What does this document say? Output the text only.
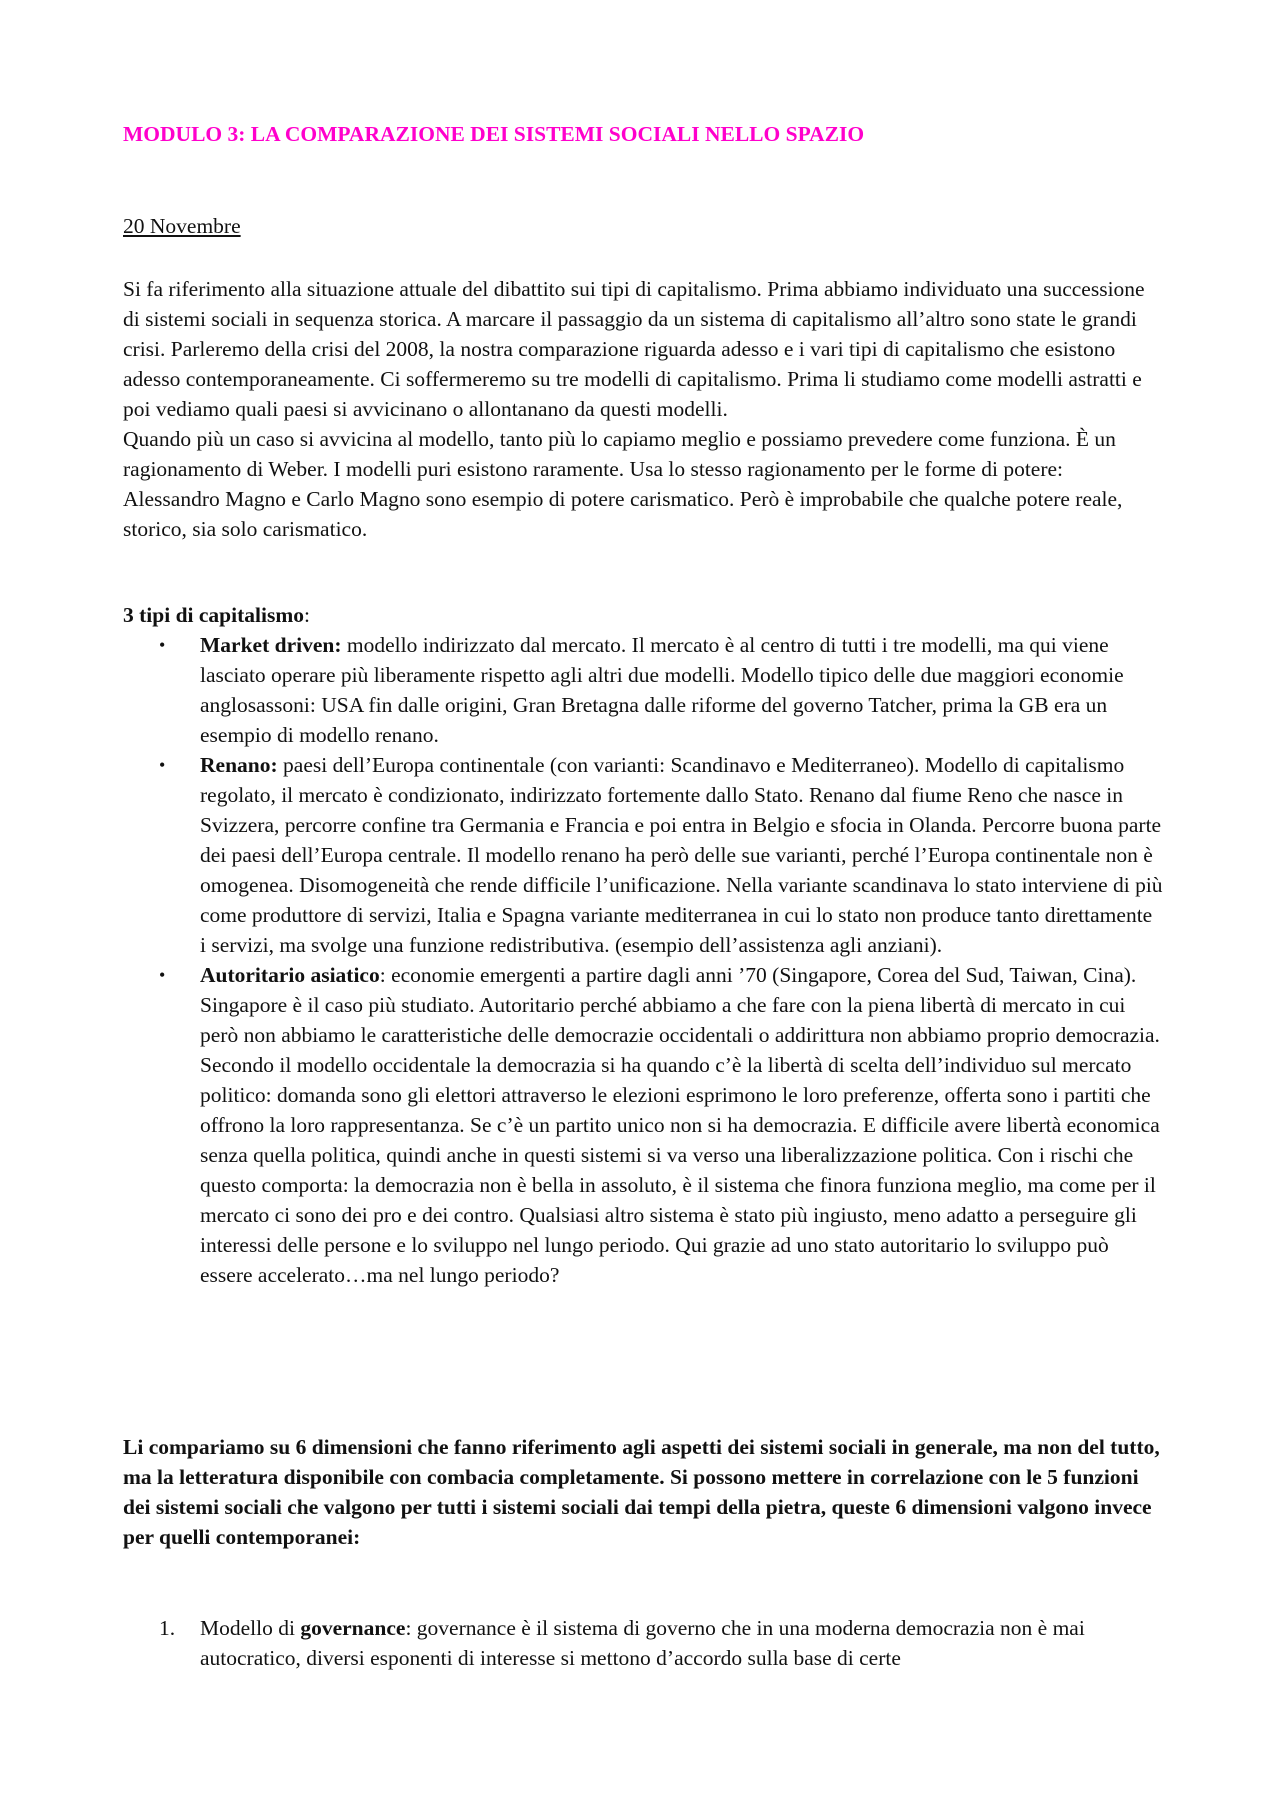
MODULO 3: LA COMPARAZIONE DEI SISTEMI SOCIALI NELLO SPAZIO

20 Novembre

Si fa riferimento alla situazione attuale del dibattito sui tipi di capitalismo. Prima abbiamo individuato una successione di sistemi sociali in sequenza storica. A marcare il passaggio da un sistema di capitalismo all’altro sono state le grandi crisi. Parleremo della crisi del 2008, la nostra comparazione riguarda adesso e i vari tipi di capitalismo che esistono adesso contemporaneamente. Ci soffermeremo su tre modelli di capitalismo. Prima li studiamo come modelli astratti e poi vediamo quali paesi si avvicinano o allontanano da questi modelli.

Quando più un caso si avvicina al modello, tanto più lo capiamo meglio e possiamo prevedere come funziona. È un ragionamento di Weber. I modelli puri esistono raramente. Usa lo stesso ragionamento per le forme di potere: Alessandro Magno e Carlo Magno sono esempio di potere carismatico. Però è improbabile che qualche potere reale, storico, sia solo carismatico.

3 tipi di capitalismo:

• Market driven: modello indirizzato dal mercato. Il mercato è al centro di tutti i tre modelli, ma qui viene lasciato operare più liberamente rispetto agli altri due modelli. Modello tipico delle due maggiori economie anglosassoni: USA fin dalle origini, Gran Bretagna dalle riforme del governo Tatcher, prima la GB era un esempio di modello renano.
• Renano: paesi dell’Europa continentale (con varianti: Scandinavo e Mediterraneo). Modello di capitalismo regolato, il mercato è condizionato, indirizzato fortemente dallo Stato. Renano dal fiume Reno che nasce in Svizzera, percorre confine tra Germania e Francia e poi entra in Belgio e sfocia in Olanda. Percorre buona parte dei paesi dell’Europa centrale. Il modello renano ha però delle sue varianti, perché l’Europa continentale non è omogenea. Disomogeneità che rende difficile l’unificazione. Nella variante scandinava lo stato interviene di più come produttore di servizi, Italia e Spagna variante mediterranea in cui lo stato non produce tanto direttamente i servizi, ma svolge una funzione redistributiva. (esempio dell’assistenza agli anziani).
• Autoritario asiatico: economie emergenti a partire dagli anni ’70 (Singapore, Corea del Sud, Taiwan, Cina). Singapore è il caso più studiato. Autoritario perché abbiamo a che fare con la piena libertà di mercato in cui però non abbiamo le caratteristiche delle democrazie occidentali o addirittura non abbiamo proprio democrazia. Secondo il modello occidentale la democrazia si ha quando c’è la libertà di scelta dell’individuo sul mercato politico: domanda sono gli elettori attraverso le elezioni esprimono le loro preferenze, offerta sono i partiti che offrono la loro rappresentanza. Se c’è un partito unico non si ha democrazia. E difficile avere libertà economica senza quella politica, quindi anche in questi sistemi si va verso una liberalizzazione politica. Con i rischi che questo comporta: la democrazia non è bella in assoluto, è il sistema che finora funziona meglio, ma come per il mercato ci sono dei pro e dei contro. Qualsiasi altro sistema è stato più ingiusto, meno adatto a perseguire gli interessi delle persone e lo sviluppo nel lungo periodo. Qui grazie ad uno stato autoritario lo sviluppo può essere accelerato…ma nel lungo periodo?

Li compariamo su 6 dimensioni che fanno riferimento agli aspetti dei sistemi sociali in generale, ma non del tutto, ma la letteratura disponibile con combacia completamente. Si possono mettere in correlazione con le 5 funzioni dei sistemi sociali che valgono per tutti i sistemi sociali dai tempi della pietra, queste 6 dimensioni valgono invece per quelli contemporanei:

1. Modello di governance: governance è il sistema di governo che in una moderna democrazia non è mai autocratico, diversi esponenti di interesse si mettono d’accordo sulla base di certe
